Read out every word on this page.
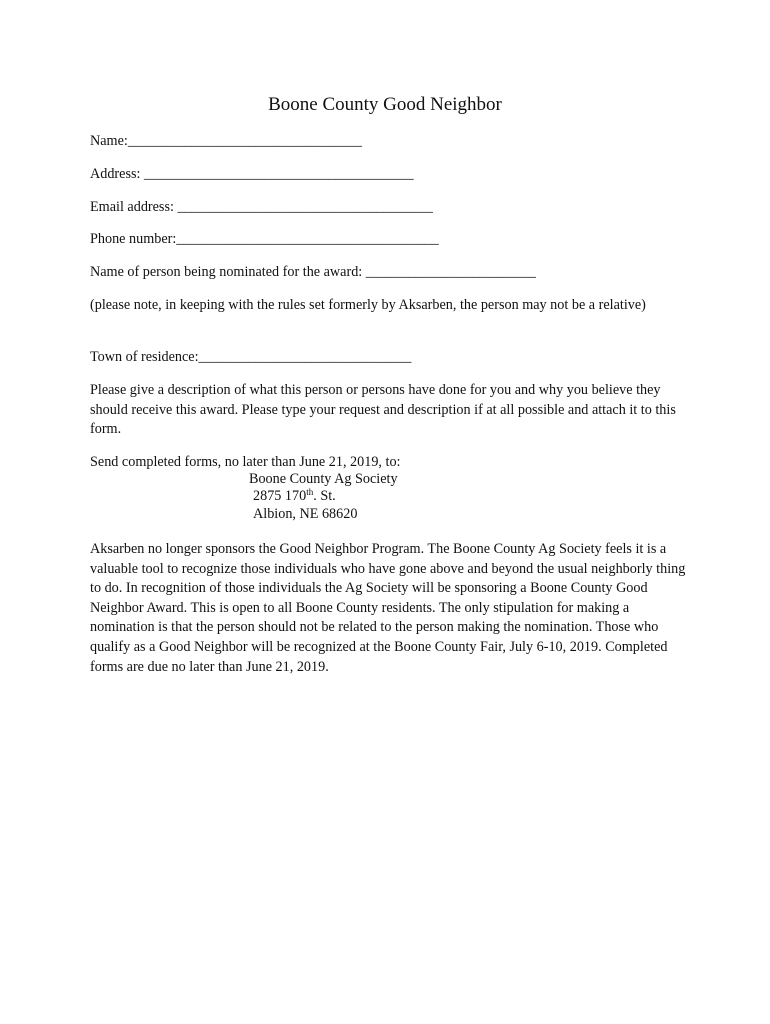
Boone County Good Neighbor
Name:_________________________________
Address: ______________________________________
Email address: ____________________________________
Phone number:_____________________________________
Name of person being nominated for the award: ________________________
(please note, in keeping with the rules set formerly by Aksarben, the person may not be a relative)
Town of residence:______________________________
Please give a description of what this person or persons have done for you and why you believe they should receive this award. Please type your request and description if at all possible and attach it to this form.
Send completed forms, no later than June 21, 2019, to:
Boone County Ag Society
2875 170th. St.
Albion, NE 68620
Aksarben no longer sponsors the Good Neighbor Program. The Boone County Ag Society feels it is a valuable tool to recognize those individuals who have gone above and beyond the usual neighborly thing to do. In recognition of those individuals the Ag Society will be sponsoring a Boone County Good Neighbor Award. This is open to all Boone County residents. The only stipulation for making a nomination is that the person should not be related to the person making the nomination. Those who qualify as a Good Neighbor will be recognized at the Boone County Fair, July 6-10, 2019. Completed forms are due no later than June 21, 2019.
